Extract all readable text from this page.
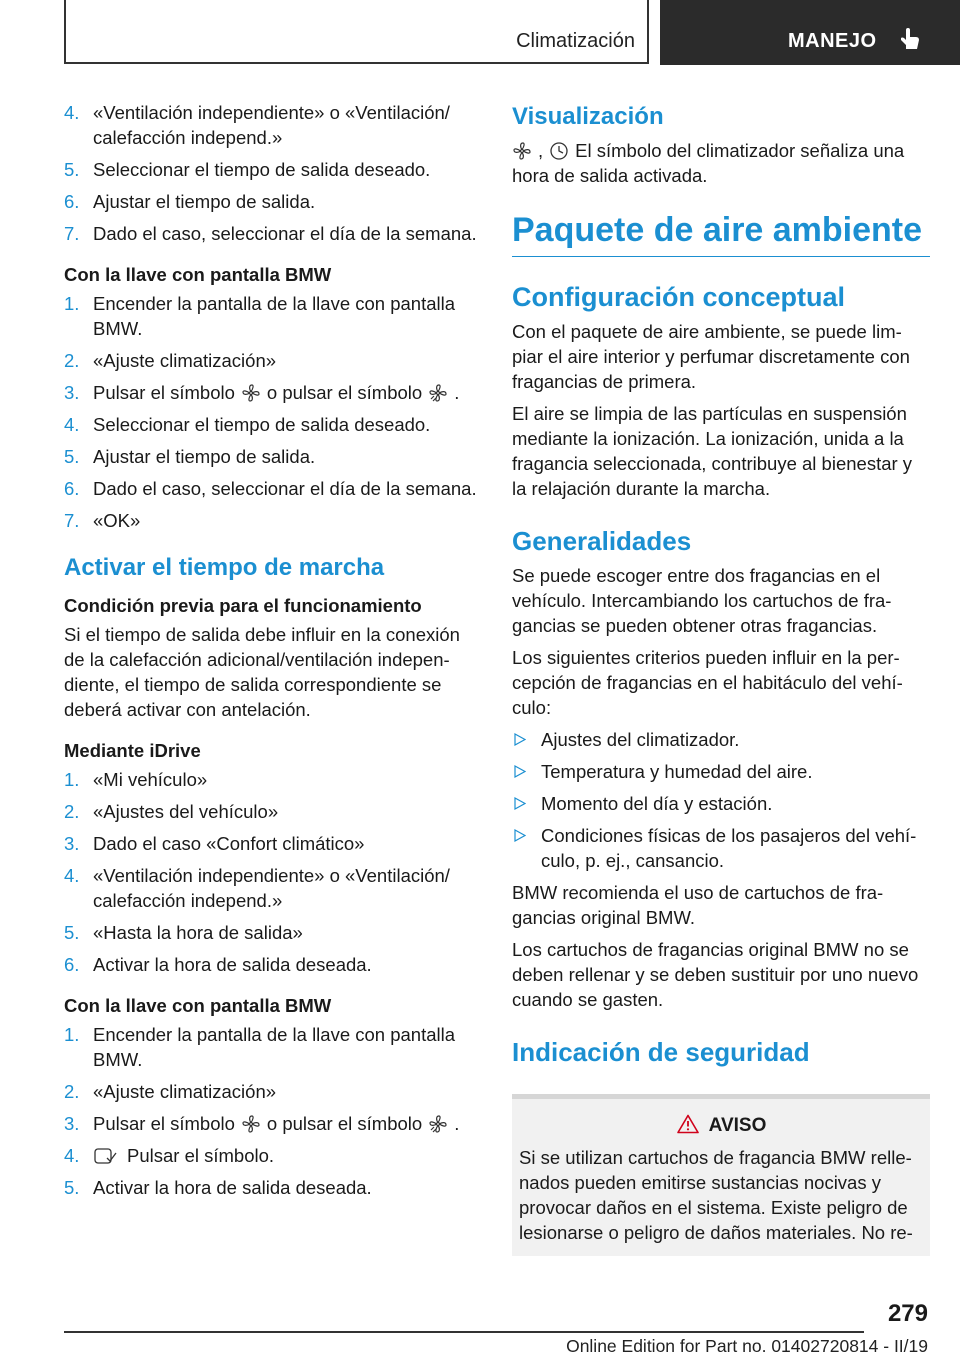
Climatización	MANEJO
4. «Ventilación independiente» o «Ventilación/ calefacción independ.»
5. Seleccionar el tiempo de salida deseado.
6. Ajustar el tiempo de salida.
7. Dado el caso, seleccionar el día de la semana.
Con la llave con pantalla BMW
1. Encender la pantalla de la llave con pantalla BMW.
2. «Ajuste climatización»
3. Pulsar el símbolo o pulsar el símbolo .
4. Seleccionar el tiempo de salida deseado.
5. Ajustar el tiempo de salida.
6. Dado el caso, seleccionar el día de la semana.
7. «OK»
Activar el tiempo de marcha
Condición previa para el funcionamiento

Si el tiempo de salida debe influir en la conexión de la calefacción adicional/ventilación indepen‐ diente, el tiempo de salida correspondiente se deberá activar con antelación.

Mediante iDrive
1. «Mi vehículo»
2. «Ajustes del vehículo»
3. Dado el caso «Confort climático»
4. «Ventilación independiente» o «Ventilación/ calefacción independ.»
5. «Hasta la hora de salida»
6. Activar la hora de salida deseada.
Con la llave con pantalla BMW
1. Encender la pantalla de la llave con pantalla BMW.
2. «Ajuste climatización»
3. Pulsar el símbolo o pulsar el símbolo .
4.	Pulsar el símbolo.
5. Activar la hora de salida deseada.
Visualización

, El símbolo del climatizador señaliza una hora de salida activada.

Paquete de aire ambiente
Configuración conceptual

Con el paquete de aire ambiente, se puede lim‐ piar el aire interior y perfumar discretamente con fragancias de primera.

El aire se limpia de las partículas en suspensión mediante la ionización. La ionización, unida a la fragancia seleccionada, contribuye al bienestar y la relajación durante la marcha.

Generalidades

Se puede escoger entre dos fragancias en el vehículo. Intercambiando los cartuchos de fra‐ gancias se pueden obtener otras fragancias.

Los siguientes criterios pueden influir en la per‐ cepción de fragancias en el habitáculo del vehí‐ culo:

Ajustes del climatizador.
Temperatura y humedad del aire.
Momento del día y estación.
Condiciones físicas de los pasajeros del vehí‐ culo, p. ej., cansancio.

BMW recomienda el uso de cartuchos de fra‐ gancias original BMW.

Los cartuchos de fragancias original BMW no se deben rellenar y se deben sustituir por uno nuevo cuando se gasten.

Indicación de seguridad
AVISO

Si se utilizan cartuchos de fragancia BMW relle‐ nados pueden emitirse sustancias nocivas y provocar daños en el sistema. Existe peligro de lesionarse o peligro de daños materiales. No re‐

279
Online Edition for Part no. 01402720814 - II/19
